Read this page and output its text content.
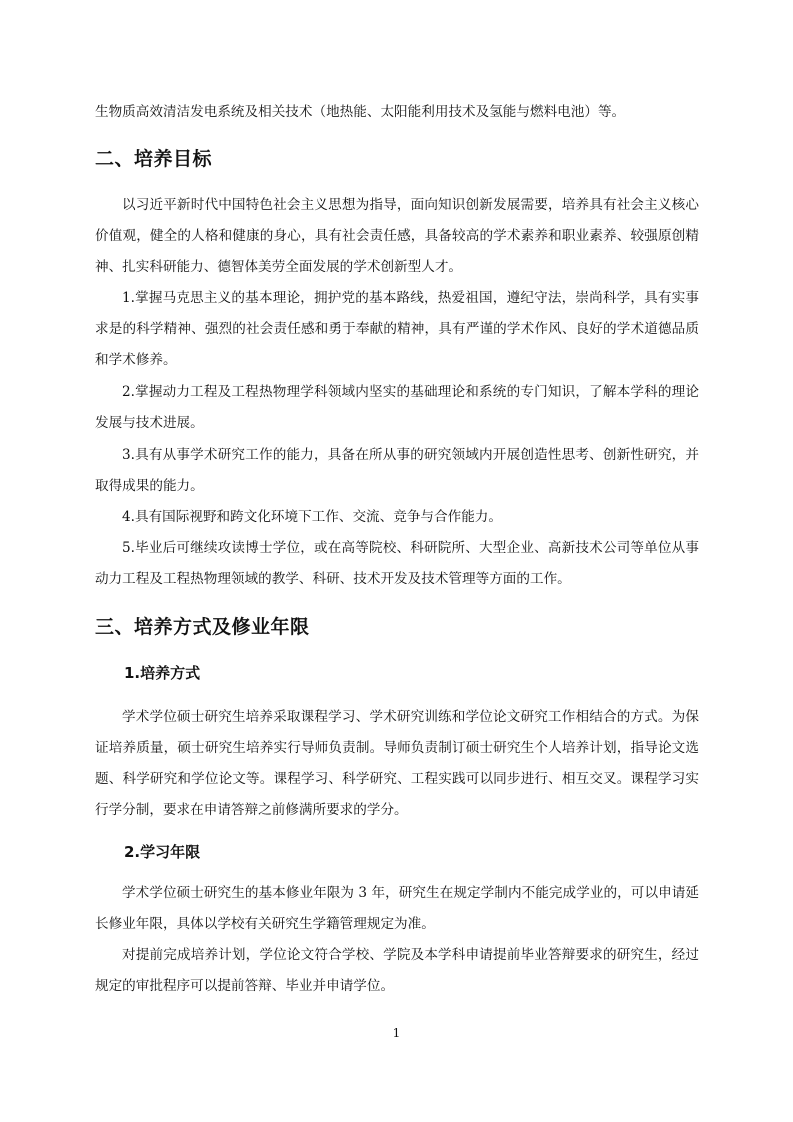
生物质高效清洁发电系统及相关技术（地热能、太阳能利用技术及氢能与燃料电池）等。

二、培养目标

以习近平新时代中国特色社会主义思想为指导，面向知识创新发展需要，培养具有社会主义核心价值观，健全的人格和健康的身心，具有社会责任感，具备较高的学术素养和职业素养、较强原创精神、扎实科研能力、德智体美劳全面发展的学术创新型人才。

1.掌握马克思主义的基本理论，拥护党的基本路线，热爱祖国，遵纪守法，崇尚科学，具有实事求是的科学精神、强烈的社会责任感和勇于奉献的精神，具有严谨的学术作风、良好的学术道德品质和学术修养。

2.掌握动力工程及工程热物理学科领域内坚实的基础理论和系统的专门知识，了解本学科的理论发展与技术进展。

3.具有从事学术研究工作的能力，具备在所从事的研究领域内开展创造性思考、创新性研究，并取得成果的能力。

4.具有国际视野和跨文化环境下工作、交流、竞争与合作能力。

5.毕业后可继续攻读博士学位，或在高等院校、科研院所、大型企业、高新技术公司等单位从事动力工程及工程热物理领域的教学、科研、技术开发及技术管理等方面的工作。

三、培养方式及修业年限
1.培养方式

学术学位硕士研究生培养采取课程学习、学术研究训练和学位论文研究工作相结合的方式。为保证培养质量，硕士研究生培养实行导师负责制。导师负责制订硕士研究生个人培养计划，指导论文选题、科学研究和学位论文等。课程学习、科学研究、工程实践可以同步进行、相互交叉。课程学习实行学分制，要求在申请答辩之前修满所要求的学分。

2.学习年限

学术学位硕士研究生的基本修业年限为 3 年，研究生在规定学制内不能完成学业的，可以申请延长修业年限，具体以学校有关研究生学籍管理规定为准。

对提前完成培养计划，学位论文符合学校、学院及本学科申请提前毕业答辩要求的研究生，经过规定的审批程序可以提前答辩、毕业并申请学位。

1
